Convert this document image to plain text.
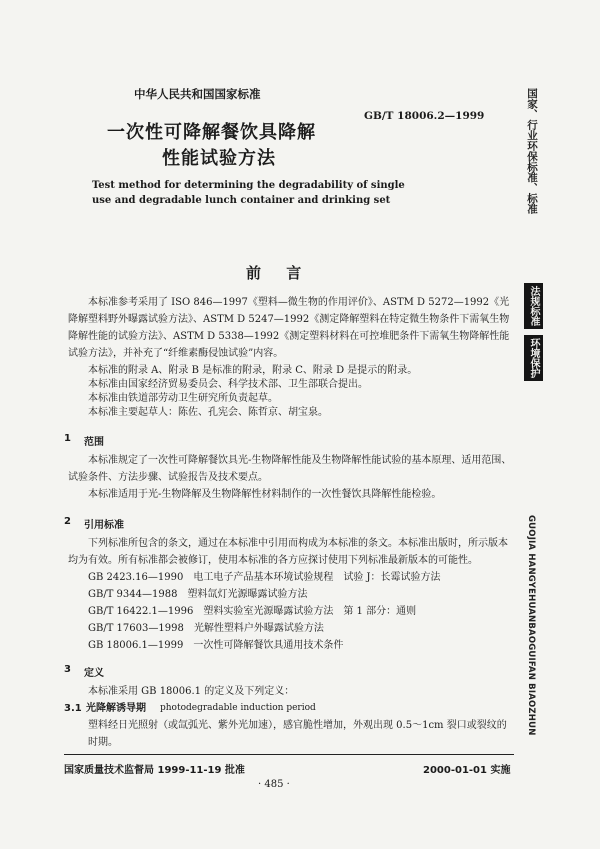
中华人民共和国国家标准
GB/T 18006.2—1999
一次性可降解餐饮具降解
性能试验方法
Test method for determining the degradability of single
use and degradable lunch container and drinking set
前 言
本标准参考采用了 ISO 846—1997《塑料—微生物的作用评价》、ASTM D 5272—1992《光降解塑料野外曝露试验方法》、ASTM D 5247—1992《测定降解塑料在特定微生物条件下需氧生物降解性能的试验方法》、ASTM D 5338—1992《测定塑料材料在可控堆肥条件下需氧生物降解性能试验方法》，并补充了“纤维素酶侵蚀试验”内容。
本标准的附录 A、附录 B 是标准的附录，附录 C、附录 D 是提示的附录。
本标准由国家经济贸易委员会、科学技术部、卫生部联合提出。
本标准由铁道部劳动卫生研究所负责起草。
本标准主要起草人：陈佐、孔宪会、陈哲京、胡宝泉。
1 范围
本标准规定了一次性可降解餐饮具光-生物降解性能及生物降解性能试验的基本原理、适用范围、试验条件、方法步骤、试验报告及技术要点。
本标准适用于光-生物降解及生物降解性材料制作的一次性餐饮具降解性能检验。
2 引用标准
下列标准所包含的条文，通过在本标准中引用而构成为本标准的条文。本标准出版时，所示版本均为有效。所有标准都会被修订，使用本标准的各方应探讨使用下列标准最新版本的可能性。
GB 2423.16—1990　电工电子产品基本环境试验规程　试验 J：长霉试验方法
GB/T 9344—1988　塑料氙灯光源曝露试验方法
GB/T 16422.1—1996　塑料实验室光源曝露试验方法　第 1 部分：通则
GB/T 17603—1998　光解性塑料户外曝露试验方法
GB 18006.1—1999　一次性可降解餐饮具通用技术条件
3 定义
本标准采用 GB 18006.1 的定义及下列定义：
3.1 光降解诱导期 photodegradable induction period
塑料经日光照射（或氙弧光、紫外光加速），感官脆性增加，外观出现 0.5～1cm 裂口或裂纹的时期。
国家质量技术监督局 1999-11-19 批准
· 485 ·
2000-01-01 实施
国家、行业环保标准、标准
法规标准
环境保护
GUOJIA HANGYEHUANBAOGUIFAN BIAOZHUN
